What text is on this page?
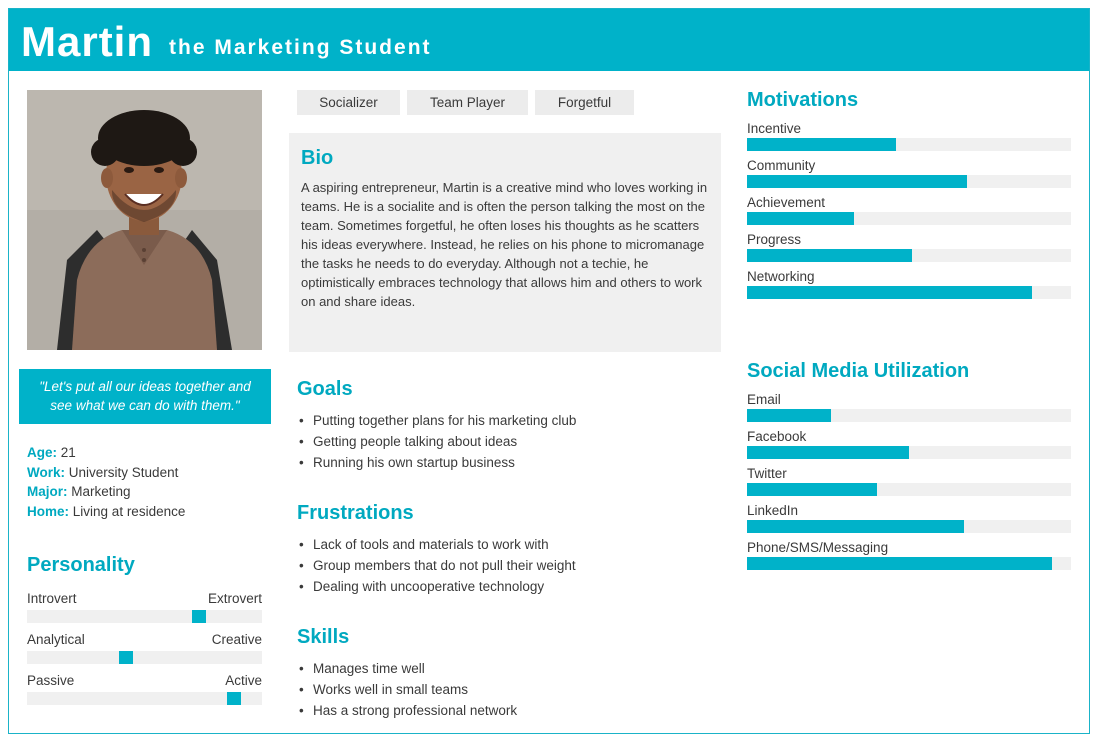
Martin the Marketing Student
"Let's put all our ideas together and see what we can do with them."
Age: 21
Work: University Student
Major: Marketing
Home: Living at residence
Personality
Introvert	Extrovert
Analytical	Creative
Passive	Active
Socializer	Team Player	Forgetful
Bio

A aspiring entrepreneur, Martin is a creative mind who loves working in teams. He is a socialite and is often the person talking the most on the team. Sometimes forgetful, he often loses his thoughts as he scatters his ideas everywhere. Instead, he relies on his phone to micromanage the tasks he needs to do everyday. Although not a techie, he optimistically embraces technology that allows him and others to work on and share ideas.

Goals
• Putting together plans for his marketing club
• Getting people talking about ideas
• Running his own startup business
Frustrations
• Lack of tools and materials to work with
• Group members that do not pull their weight
• Dealing with uncooperative technology
Skills
• Manages time well
• Works well in small teams
• Has a strong professional network
Motivations
Incentive
Community
Achievement
Progress
Networking
Social Media Utilization
Email
Facebook
Twitter
LinkedIn
Phone/SMS/Messaging
